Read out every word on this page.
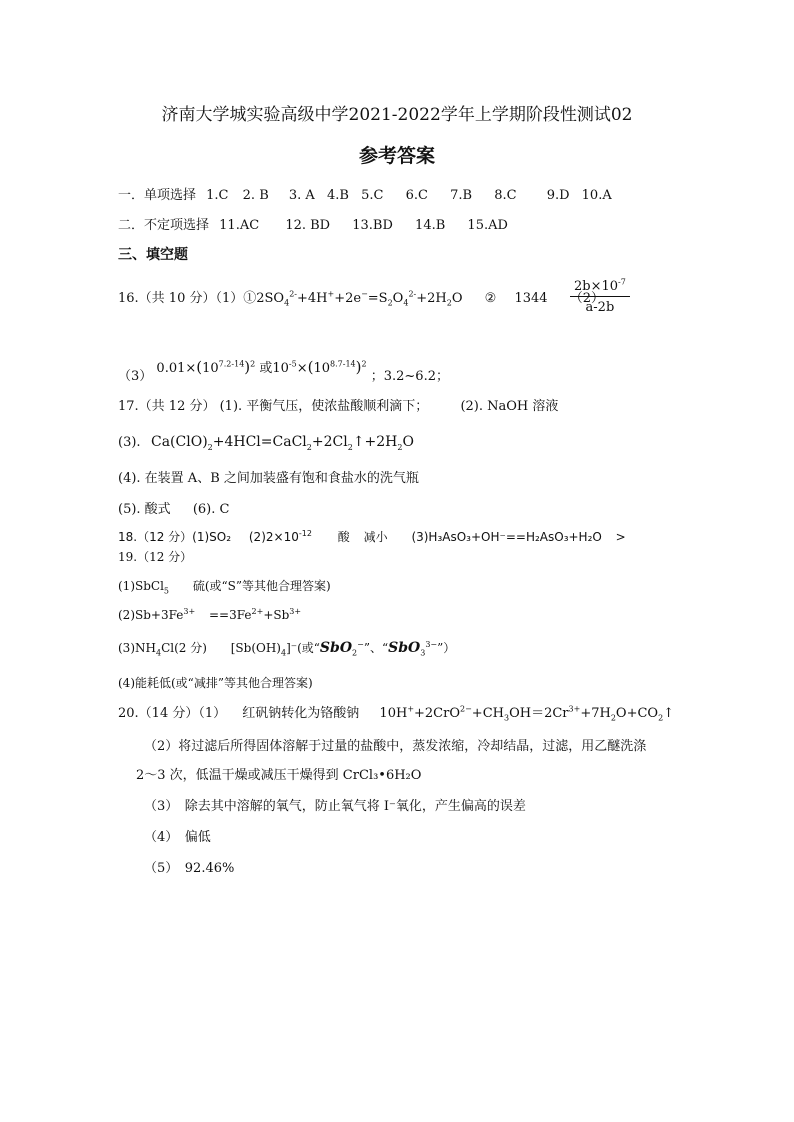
济南大学城实验高级中学2021-2022学年上学期阶段性测试02
参考答案
一．单项选择 1.C 2. B 3. A 4.B 5.C 6.C 7.B 8.C 9.D 10.A
二．不定项选择 11.AC 12. BD 13.BD 14.B 15.AD
三、填空题
16.（共 10 分）$(1)①2SO_4^{2-}+4H^++2e^-=S_2O_4^{2-}+2H_2O$ ② 1344 （2）
$\frac{2b\times 10^{-7}}{a-2b}$
（3） $0.01\times(10^{7.2-14})^2$ 或$10^{-5}\times(10^{8.7-14})^2$ ；3.2~6.2；
17.（共 12 分） (1). 平衡气压，使浓盐酸顺利滴下； (2). NaOH 溶液
(3). $Ca(ClO)_2+4HCl=CaCl_2+2Cl_2↑+2H_2O$
(4). 在装置 A、B 之间加装盛有饱和食盐水的洗气瓶
(5). 酸式 (6). C
18.（12 分）(1)SO₂ $(2)2\times 10^{-12}$ 酸 减小 (3)H₃AsO₃+OH⁻==H₂AsO₃+H₂O >
19.（12 分）
(1)SbCl$_5$ 硫(或“S”等其他合理答案)
$(2)Sb+3Fe^{3+} ==3Fe^{2+}+Sb^{3+}$
$(3)NH_4Cl(2$ 分) $[Sb(OH)_4]^-$(或“SbO$_2$−”、“SbO$_3^{3-}$”）
(4)能耗低(或“减排”等其他合理答案)
20.（14 分）（1） 红矾钠转化为铬酸钠 $10H^++2CrO^{2-}+CH_3OH=2Cr^{3+}+7H_2O+CO_2↑$
（2）将过滤后所得固体溶解于过量的盐酸中，蒸发浓缩，冷却结晶，过滤，用乙醚洗涤
2～3 次，低温干燥或减压干燥得到 CrCl₃•6H₂O
（3）　除去其中溶解的氧气，防止氧气将 I⁻氧化，产生偏高的误差
（4）　偏低
（5）　92.46%
